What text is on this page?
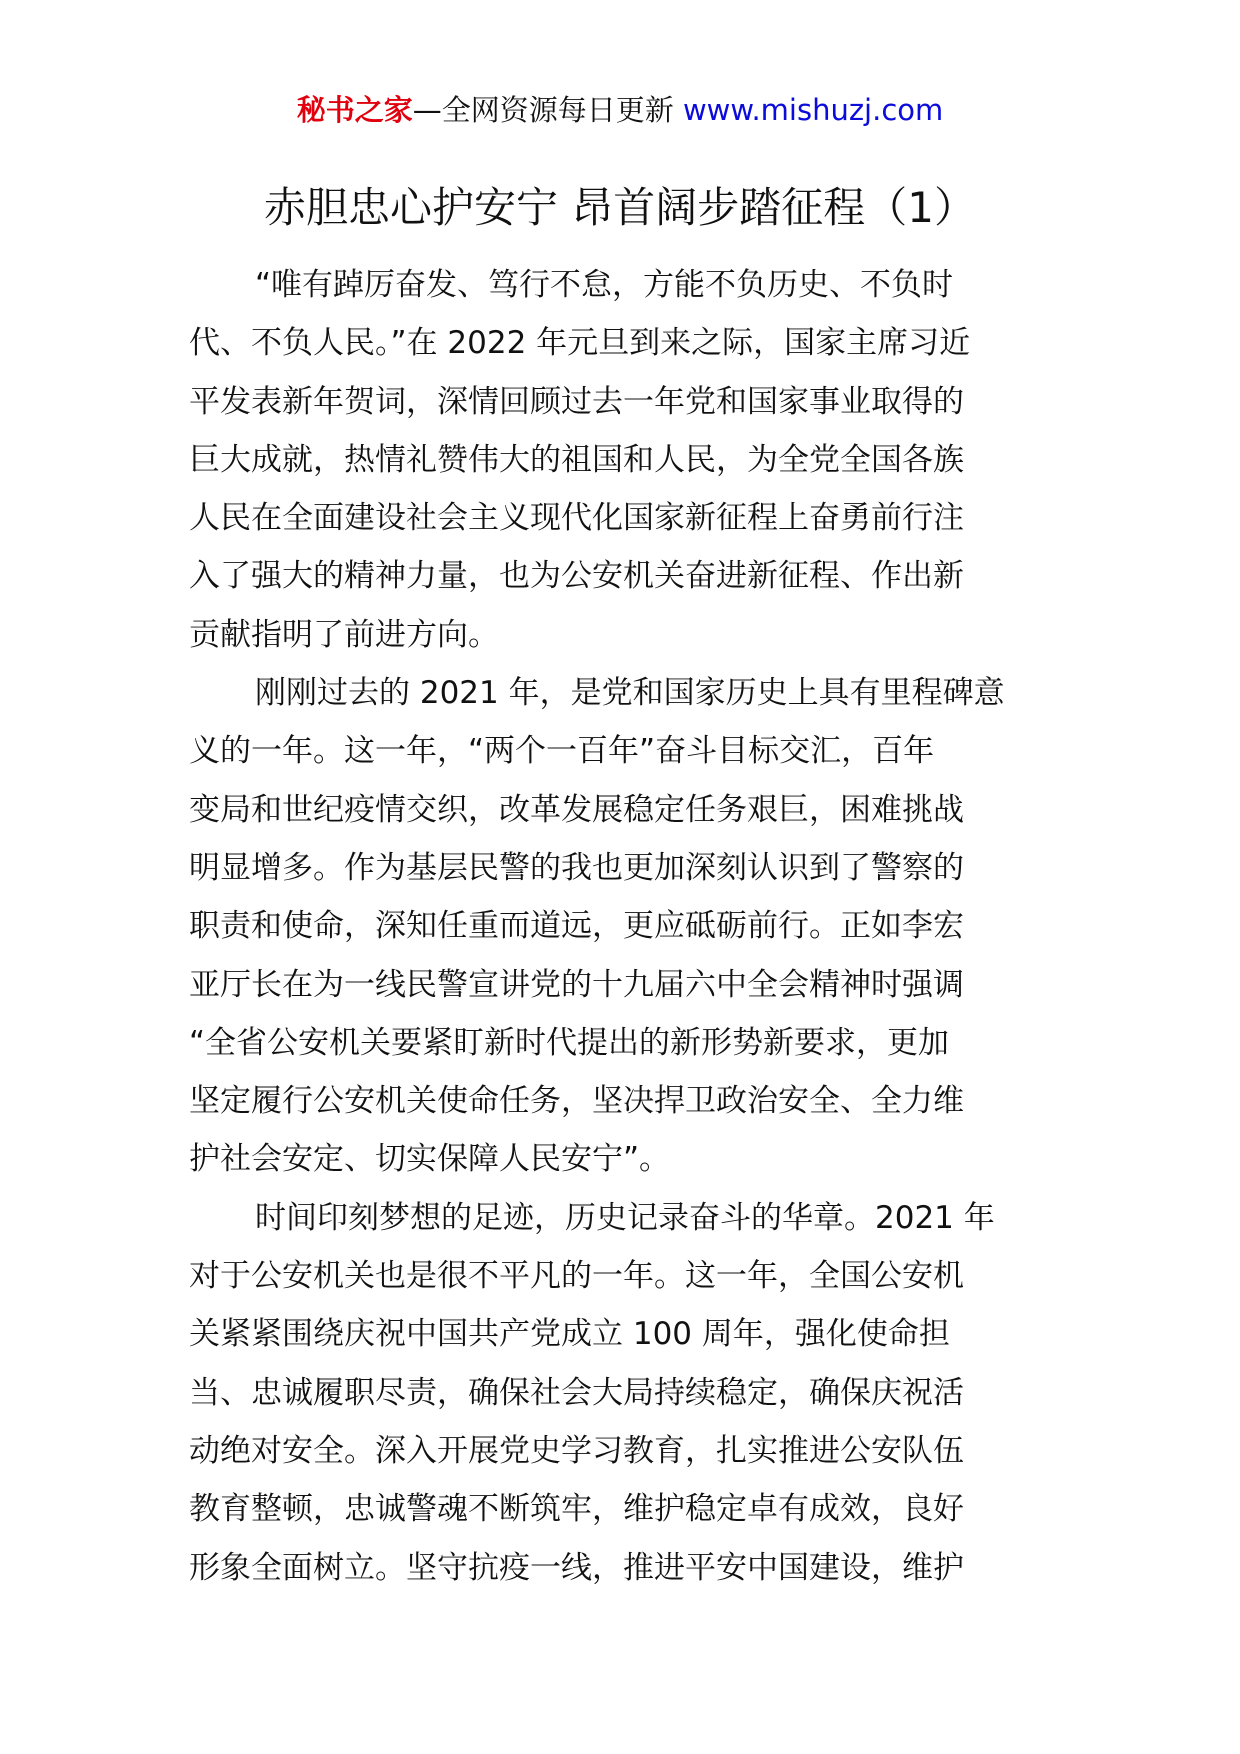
秘书之家—全网资源每日更新 www.mishuzj.com
赤胆忠心护安宁 昂首阔步踏征程（1）
“唯有踔厉奋发、笃行不怠，方能不负历史、不负时
代、不负人民。”在 2022 年元旦到来之际，国家主席习近
平发表新年贺词，深情回顾过去一年党和国家事业取得的
巨大成就，热情礼赞伟大的祖国和人民，为全党全国各族
人民在全面建设社会主义现代化国家新征程上奋勇前行注
入了强大的精神力量，也为公安机关奋进新征程、作出新
贡献指明了前进方向。
刚刚过去的 2021 年，是党和国家历史上具有里程碑意
义的一年。这一年，“两个一百年”奋斗目标交汇，百年
变局和世纪疫情交织，改革发展稳定任务艰巨，困难挑战
明显增多。作为基层民警的我也更加深刻认识到了警察的
职责和使命，深知任重而道远，更应砥砺前行。正如李宏
亚厅长在为一线民警宣讲党的十九届六中全会精神时强调
“全省公安机关要紧盯新时代提出的新形势新要求，更加
坚定履行公安机关使命任务，坚决捍卫政治安全、全力维
护社会安定、切实保障人民安宁”。
时间印刻梦想的足迹，历史记录奋斗的华章。2021 年
对于公安机关也是很不平凡的一年。这一年，全国公安机
关紧紧围绕庆祝中国共产党成立 100 周年，强化使命担
当、忠诚履职尽责，确保社会大局持续稳定，确保庆祝活
动绝对安全。深入开展党史学习教育，扎实推进公安队伍
教育整顿，忠诚警魂不断筑牢，维护稳定卓有成效，良好
形象全面树立。坚守抗疫一线，推进平安中国建设，维护
